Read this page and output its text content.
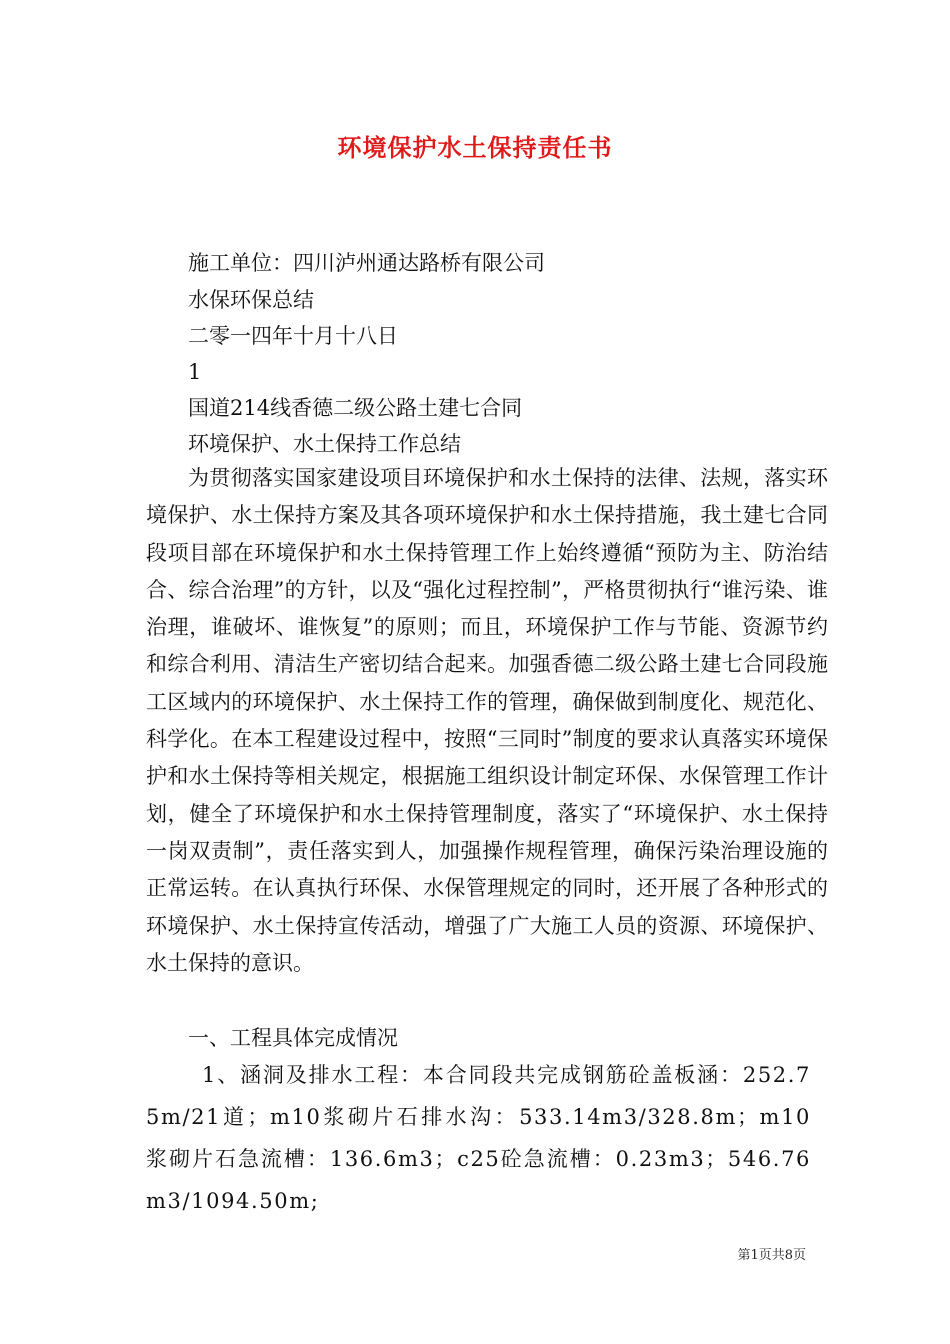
环境保护水土保持责任书
施工单位：四川泸州通达路桥有限公司
水保环保总结
二零一四年十月十八日
1
国道214线香德二级公路土建七合同
环境保护、水土保持工作总结

为贯彻落实国家建设项目环境保护和水土保持的法律、法规，落实环境保护、水土保持方案及其各项环境保护和水土保持措施，我土建七合同段项目部在环境保护和水土保持管理工作上始终遵循“预防为主、防治结合、综合治理”的方针，以及“强化过程控制”，严格贯彻执行“谁污染、谁治理，谁破坏、谁恢复”的原则；而且，环境保护工作与节能、资源节约和综合利用、清洁生产密切结合起来。加强香德二级公路土建七合同段施工区域内的环境保护、水土保持工作的管理，确保做到制度化、规范化、科学化。在本工程建设过程中，按照“三同时”制度的要求认真落实环境保护和水土保持等相关规定，根据施工组织设计制定环保、水保管理工作计划，健全了环境保护和水土保持管理制度，落实了“环境保护、水土保持一岗双责制”，责任落实到人，加强操作规程管理，确保污染治理设施的正常运转。在认真执行环保、水保管理规定的同时，还开展了各种形式的环境保护、水土保持宣传活动，增强了广大施工人员的资源、环境保护、水土保持的意识。

一、工程具体完成情况

1、涵洞及排水工程：本合同段共完成钢筋砼盖板涵：252.75m/21道；m10浆砌片石排水沟：533.14m3/328.8m；m10浆砌片石急流槽：136.6m3；c25砼急流槽：0.23m3；546.76m3/1094.50m;

第1页共8页
